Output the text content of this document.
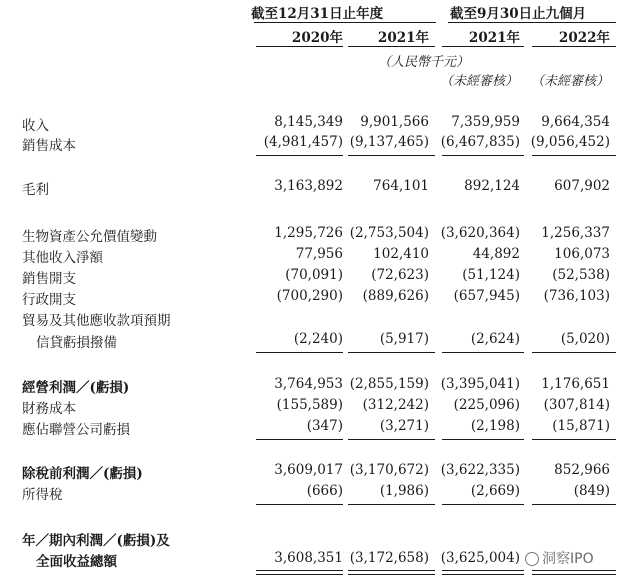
截至12月31日止年度	截至9月30日止九個月
2020年	2021年	2021年	2022年
（人民幣千元）
（未經審核） （未經審核）
收入	8,145,349	9,901,566	7,359,959	9,664,354
銷售成本	(4,981,457) (9,137,465) (6,467,835) (9,056,452)
毛利	3,163,892	764,101	892,124	607,902
生物資產公允價值變動	1,295,726 (2,753,504) (3,620,364)	1,256,337
其他收入淨額	77,956	102,410	44,892	106,073
銷售開支	(70,091)	(72,623)	(51,124)	(52,538)
行政開支	(700,290)	(889,626)	(657,945)	(736,103)
貿易及其他應收款項預期
信貸虧損撥備	(2,240)	(5,917)	(2,624)	(5,020)
經營利潤／(虧損)	3,764,953 (2,855,159) (3,395,041)	1,176,651
財務成本	(155,589)	(312,242)	(225,096)	(307,814)
應佔聯營公司虧損	(347)	(3,271)	(2,198)	(15,871)
除稅前利潤／(虧損)	3,609,017 (3,170,672) (3,622,335)	852,966
所得稅	(666)	(1,986)	(2,669)	(849)
年／期內利潤／(虧損)及
全面收益總額	3,608,351 (3,172,658) (3,625,004)	洞察IPO
